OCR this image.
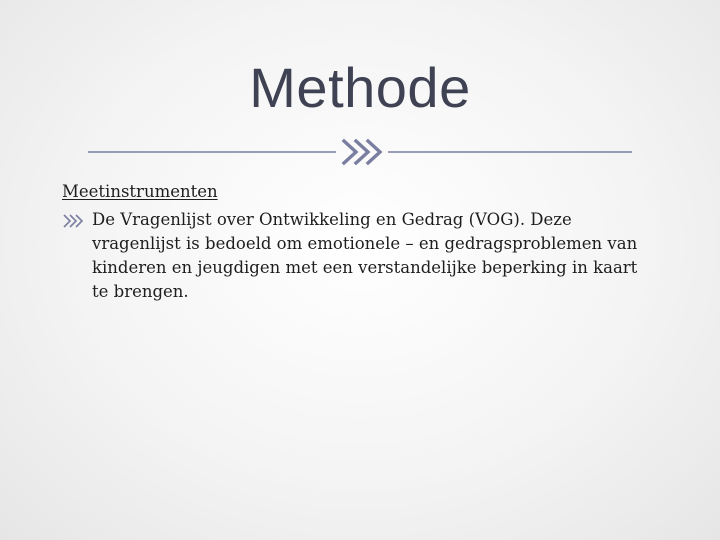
Methode
Meetinstrumenten

De Vragenlijst over Ontwikkeling en Gedrag (VOG). Deze
vragenlijst is bedoeld om emotionele – en gedragsproblemen van
kinderen en jeugdigen met een verstandelijke beperking in kaart
te brengen.
